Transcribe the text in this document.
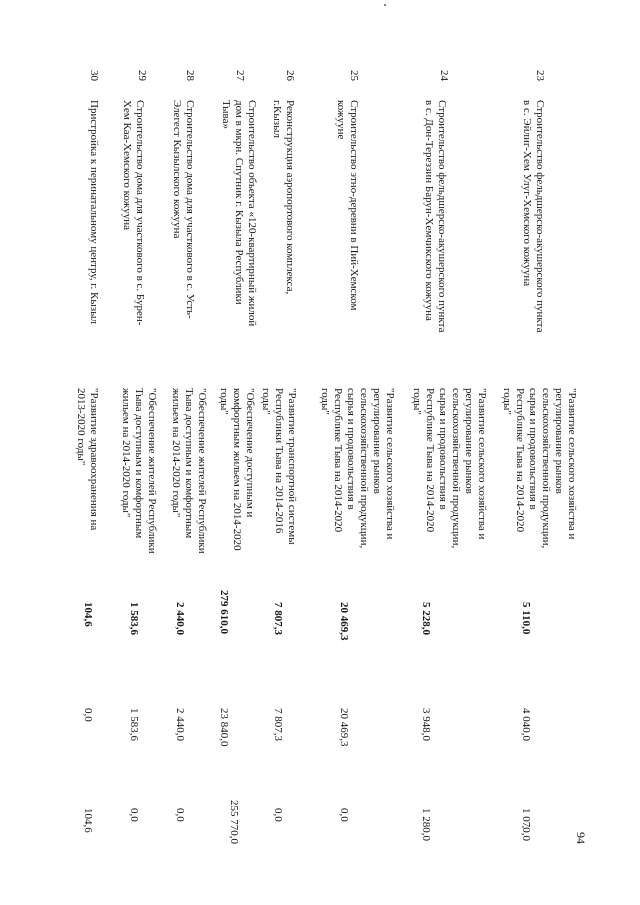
94
23
Строительство фельдшерско-акушерского пункта
в с. Эйлиг-Хем Улуг-Хемского кожууна
"Развитие сельского хозяйства и
регулирование рынков
сельскохозяйственной продукции,
сырья и продовольствия в
Республике Тыва на 2014-2020
годы"
5 110,0
4 040,0
1 070,0
24
Строительство фельдшерско-акушерского пункта
в с. Дон-Тереззин Барун-Хемчикского кожууна
"Развитие сельского хозяйства и
регулирование рынков
сельскохозяйственной продукции,
сырья и продовольствия в
Республике Тыва на 2014-2020
годы"
5 228,0
3 948,0
1 280,0
25
Строительство этно-деревни в Пий-Хемском
кожууне
"Развитие сельского хозяйства и
регулирование рынков
сельскохозяйственной продукции,
сырья и продовольствия в
Республике Тыва на 2014-2020
годы"
20 469,3
20 469,3
0,0
26
Реконструкция аэропортового комплекса,
г.Кызыл
"Развитие транспортной системы
Республики Тыва на 2014-2016
годы"
7 807,3
7 807,3
0,0
27
Строительство объекта «120-квартирный жилой
дом в мкрн. Спутник г. Кызыла Республики
Тыва»
"Обеспечение доступным и
комфортным жильем на 2014-2020
годы"
279 610,0
23 840,0
255 770,0
28
Строительство дома для участкового в с. Усть-
Элегест Кызылского кожууна
"Обеспечение жителей Республики
Тыва доступным и комфортным
жильем на 2014-2020 годы"
2 440,0
2 440,0
0,0
29
Строительство дома для участкового в с. Бурен-
Хем Каа-Хемского кожууна
"Обеспечение жителей Республики
Тыва доступным и комфортным
жильем на 2014-2020 годы"
1 583,6
1 583,6
0,0
30
Пристройка к перинатальному центру, г. Кызыл
"Развитие здравоохранения на
2013-2020 годы"
104,6
0,0
104,6
